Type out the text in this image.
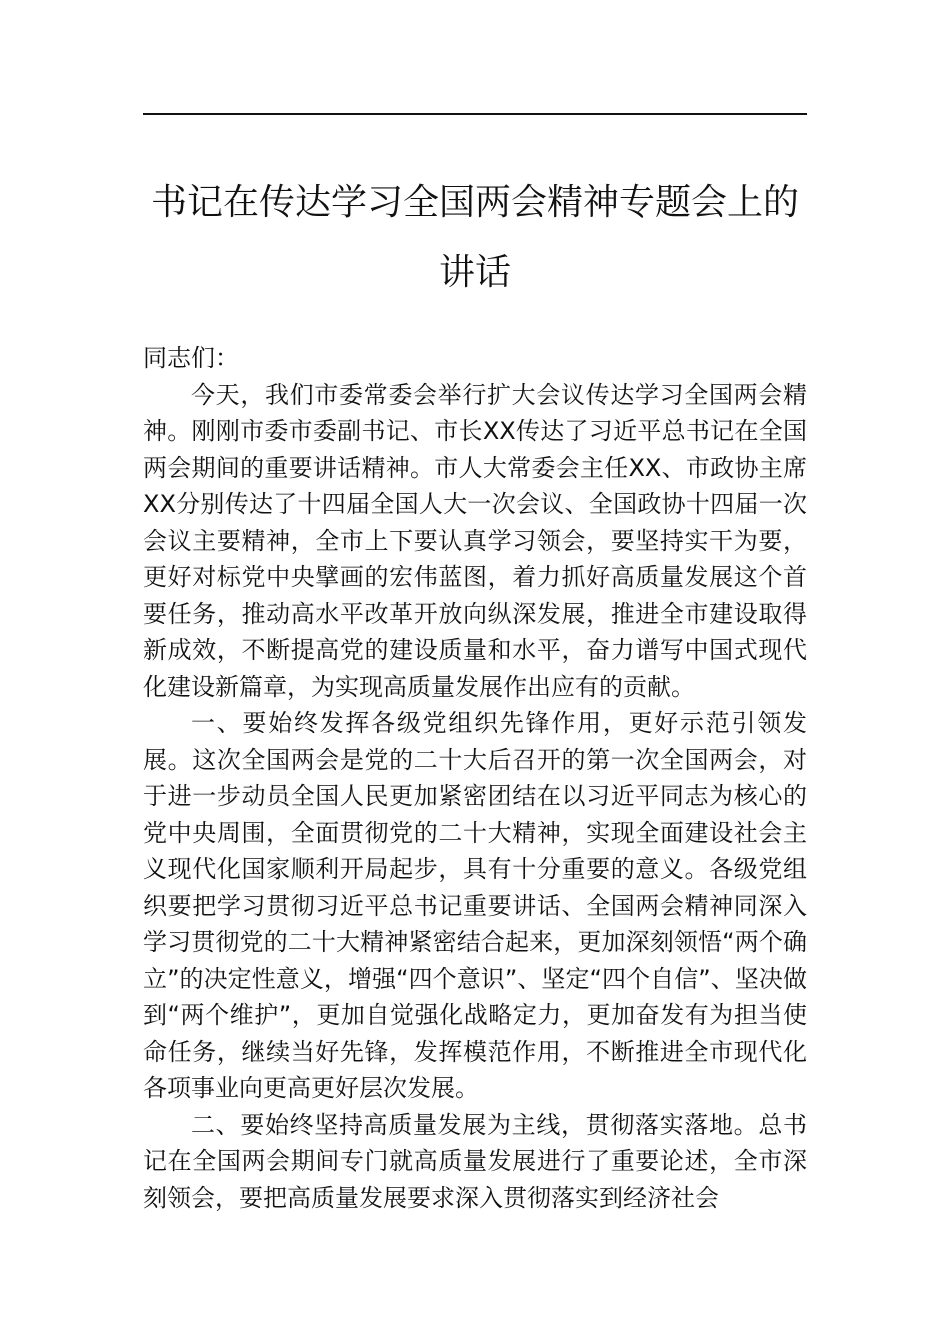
书记在传达学习全国两会精神专题会上的
讲话

同志们：

今天，我们市委常委会举行扩大会议传达学习全国两会精神。刚刚市委市委副书记、市长XX传达了习近平总书记在全国两会期间的重要讲话精神。市人大常委会主任XX、市政协主席XX分别传达了十四届全国人大一次会议、全国政协十四届一次会议主要精神，全市上下要认真学习领会，要坚持实干为要，更好对标党中央擘画的宏伟蓝图，着力抓好高质量发展这个首要任务，推动高水平改革开放向纵深发展，推进全市建设取得新成效，不断提高党的建设质量和水平，奋力谱写中国式现代化建设新篇章，为实现高质量发展作出应有的贡献。

一、要始终发挥各级党组织先锋作用，更好示范引领发展。这次全国两会是党的二十大后召开的第一次全国两会，对于进一步动员全国人民更加紧密团结在以习近平同志为核心的党中央周围，全面贯彻党的二十大精神，实现全面建设社会主义现代化国家顺利开局起步，具有十分重要的意义。各级党组织要把学习贯彻习近平总书记重要讲话、全国两会精神同深入学习贯彻党的二十大精神紧密结合起来，更加深刻领悟“两个确立”的决定性意义，增强“四个意识”、坚定“四个自信”、坚决做到“两个维护”，更加自觉强化战略定力，更加奋发有为担当使命任务，继续当好先锋，发挥模范作用，不断推进全市现代化各项事业向更高更好层次发展。

二、要始终坚持高质量发展为主线，贯彻落实落地。总书记在全国两会期间专门就高质量发展进行了重要论述，全市深刻领会，要把高质量发展要求深入贯彻落实到经济社会
